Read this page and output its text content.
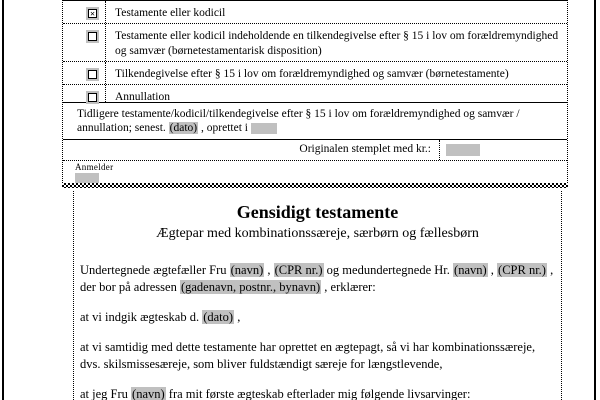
✕	Testamente eller kodicil
Testamente eller kodicil indeholdende en tilkendegivelse efter § 15 i lov om forældremyndighed og samvær (børnetestamentarisk disposition)
Tilkendegivelse efter § 15 i lov om forældremyndighed og samvær (børnetestamente)
Annullation
Tidligere testamente/kodicil/tilkendegivelse efter § 15 i lov om forældremyndighed og samvær / annullation; senest. (dato) , oprettet i
Originalen stemplet med kr.:
Anmelder
Gensidigt testamente
Ægtepar med kombinationssæreje, særbørn og fællesbørn

Undertegnede ægtefæller Fru (navn) , (CPR nr.) og medundertegnede Hr. (navn) , (CPR nr.) , der bor på adressen (gadenavn, postnr., bynavn) , erklærer:

at vi indgik ægteskab d. (dato) ,

at vi samtidig med dette testamente har oprettet en ægtepagt, så vi har kombinationssæreje, dvs. skilsmissesæreje, som bliver fuldstændigt særeje for længstlevende,

at jeg Fru (navn) fra mit første ægteskab efterlader mig følgende livsarvinger:
